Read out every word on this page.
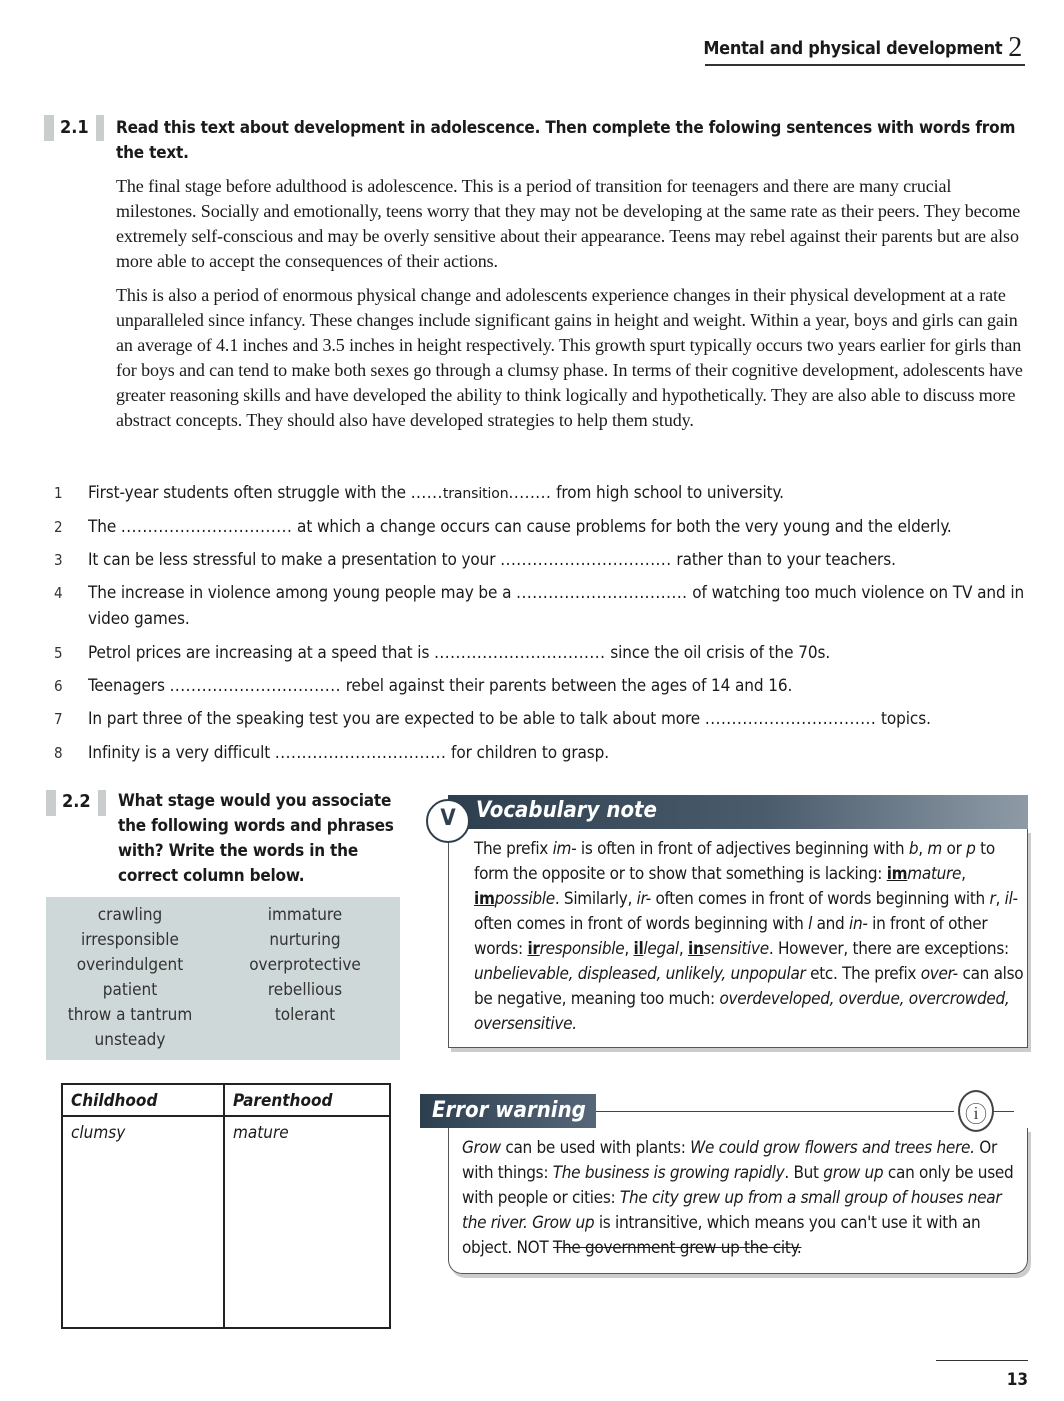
Mental and physical development 2
2.1 Read this text about development in adolescence. Then complete the folowing sentences with words from the text.

The final stage before adulthood is adolescence. This is a period of transition for teenagers and there are many crucial milestones. Socially and emotionally, teens worry that they may not be developing at the same rate as their peers. They become extremely self-conscious and may be overly sensitive about their appearance. Teens may rebel against their parents but are also more able to accept the consequences of their actions.

This is also a period of enormous physical change and adolescents experience changes in their physical development at a rate unparalleled since infancy. These changes include significant gains in height and weight. Within a year, boys and girls can gain an average of 4.1 inches and 3.5 inches in height respectively. This growth spurt typically occurs two years earlier for girls than for boys and can tend to make both sexes go through a clumsy phase. In terms of their cognitive development, adolescents have greater reasoning skills and have developed the ability to think logically and hypothetically. They are also able to discuss more abstract concepts. They should also have developed strategies to help them study.

1	First-year students often struggle with the ......transition........ from high school to university.
2	The ................................ at which a change occurs can cause problems for both the very young and the elderly.
3	It can be less stressful to make a presentation to your ................................ rather than to your teachers.
4	The increase in violence among young people may be a ................................ of watching too much violence on TV and in video games.
5	Petrol prices are increasing at a speed that is ................................ since the oil crisis of the 70s.
6	Teenagers ................................ rebel against their parents between the ages of 14 and 16.
7	In part three of the speaking test you are expected to be able to talk about more ................................ topics.
8	Infinity is a very difficult ................................ for children to grasp.
2.2 What stage would you associate the following words and phrases with? Write the words in the correct column below.
crawling
irresponsible
overindulgent
patient
throw a tantrum
unsteady
immature
nurturing
overprotective
rebellious
tolerant
Childhood	Parenthood
clumsy	mature
V Vocabulary note
The prefix im- is often in front of adjectives beginning with b, m or p to form the opposite or to show that something is lacking: immature, impossible. Similarly, ir- often comes in front of words beginning with r, il- often comes in front of words beginning with l and in- in front of other words: irresponsible, illegal, insensitive. However, there are exceptions: unbelievable, displeased, unlikely, unpopular etc. The prefix over- can also be negative, meaning too much: overdeveloped, overdue, overcrowded, oversensitive.
Error warning	ⓘ
Grow can be used with plants: We could grow flowers and trees here. Or with things: The business is growing rapidly. But grow up can only be used with people or cities: The city grew up from a small group of houses near the river. Grow up is intransitive, which means you can't use it with an object. NOT The government grew up the city.
13
